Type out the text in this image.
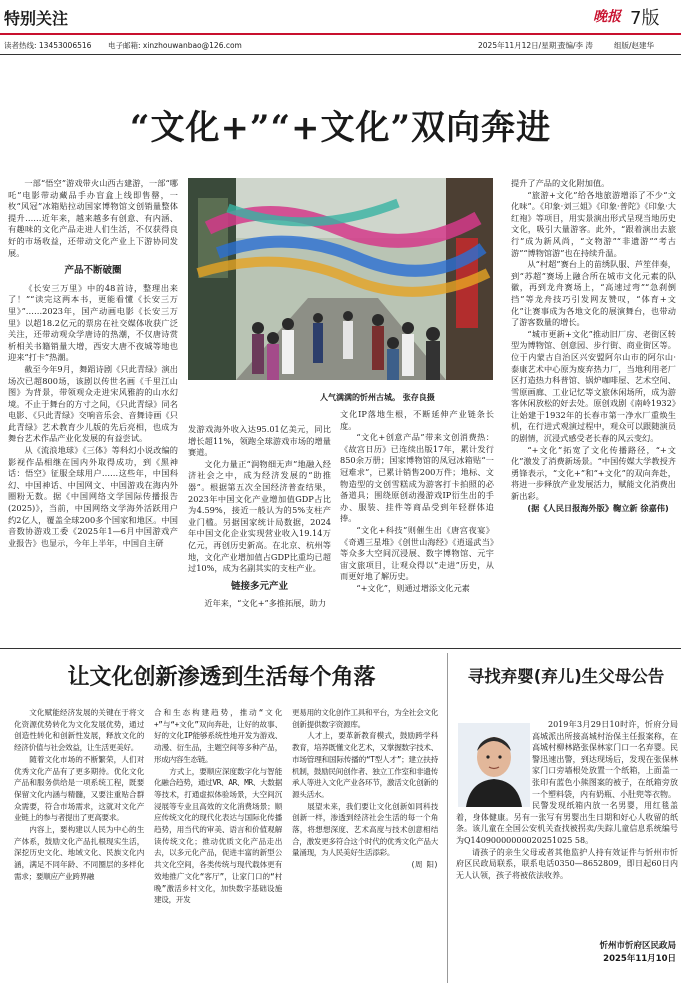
特别关注	晚报 7版
读者热线: 13453006516 电子邮箱: xinzhouwanbao@126.com	2025年11月12日/星期三
责编/李 涛	组版/赵建华
“文化+”“+文化”双向奔进

一部“悟空”游戏带火山西古建游，一部“哪吒”电影带动藏品手办盲盒上线即售罄，一枚“风冠”冰箱贴拉动国家博物馆文创销量整体提升……近年来，越来越多有创意、有内涵、有趣味的文化产品走进人们生活，不仅获得良好的市场收益，还带动文化产业上下游协同发展。

产品不断破圈

《长安三万里》中的48首诗，整理出来了！”“读完这两本书，更能看懂《长安三万里》”……2023年，国产动画电影《长安三万里》以超18.2亿元的票房在社交媒体收获广泛关注，还带动观众学唐诗的热潮，不仅唐诗赏析相关书籍销量大增，西安大唐不夜城等地也迎来“打卡”热潮。

截至今年9月，舞蹈诗剧《只此青绿》演出场次已超800场，该剧以传世名画《千里江山图》为背景，带领观众走进宋风雅韵的山水幻境。不止于舞台的方寸之间，《只此青绿》同名电影、《只此青绿》交响音乐会、音舞诗画《只此青绿》艺术教育少儿版的先后亮相，也成为舞台艺术作品产业化发展的有益尝试。

从《流浪地球》《三体》等科幻小说改编的影视作品相继在国内外取得成功，到《黑神话：悟空》征服全球用户……这些年，中国科幻、中国神话、中国网文、中国游戏在海内外圈粉无数。据《中国网络文学国际传播报告(2025)》，当前，中国网络文学海外活跃用户约2亿人，覆盖全球200多个国家和地区。中国音数协游戏工委《2025年1—6月中国游戏产业报告》也显示，今年上半年，中国自主研

人气满满的忻州古城。 张存良摄

发游戏海外收入达95.01亿美元，同比增长超11%，领跑全球游戏市场的增量赛道。

文化力量正“润物细无声”地融入经济社会之中，成为经济发展的“助推器”。根据第五次全国经济普查结果，2023年中国文化产业增加值GDP占比为4.59%，接近一般认为的5%支柱产业门槛。另据国家统计局数据，2024年中国文化企业实现营业收入19.14万亿元，再创历史新高。在北京、杭州等地，文化产业增加值占GDP比重均已超过10%，成为名副其实的支柱产业。

链接多元产业

近年来，“文化+”多推拓展，助力

文化IP落地生根，不断延伸产业链条长度。

“文化+创意产品”带来文创消费热：《故宫日历》已连续出版17年，累计发行850余万册；国家博物馆的凤冠冰箱贴“一冠难求”，已累计销售200万件；地标、文物造型的文创雪糕成为游客打卡拍照的必备道具；围绕原创动漫游戏IP衍生出的手办、服装、挂件等商品受到年轻群体追捧。

“文化+科技”则催生出《唐宫夜宴》《奇遇三星堆》《创世山海经》《逍遥武当》等众多大空间沉浸展、数字博物馆、元宇宙文旅项目，让观众得以“走进”历史，从而更好地了解历史。

“+文化”，则通过增添文化元素

提升了产品的文化附加值。

“旅游+文化”给各地旅游增添了不少“文化味”。《印象·刘三姐》《印象·普陀》《印象·大红袍》等项目，用实景演出形式呈现当地历史文化，吸引大量游客。此外，“跟着演出去旅行”成为新风尚，“文物游”“非遗游”“考古游”“博物馆游”也在持续升温。

从“村超”赛台上的苗绣队服、芦笙伴奏，到“苏超”赛场上融合所在城市文化元素的队徽，再到龙舟赛场上，“高速过弯”“急刹倒挡”等龙舟技巧引发网友赞叹，“体育+文化”让赛事成为各地文化的展演舞台，也带动了游客数量的增长。

“城市更新+文化”推动旧厂房、老街区转型为博物馆、创意园、步行街、商业街区等。位于内蒙古自治区兴安盟阿尔山市的阿尔山·泰康艺术中心原为废弃热力厂，当地利用老厂区打造热力科普馆、锅炉咖啡屋、艺术空间、雪原画廊、工业记忆等文旅休闲场所，成为游客休闲放松的好去处。原创戏剧《南岭1932》让始建于1932年的长春市第一净水厂重焕生机，在行进式观演过程中，观众可以跟随演员的剧情，沉浸式感受老长春的风云变幻。

“+文化”拓宽了文化传播路径，“+文化”激发了消费新场景。“中国传媒大学教授齐勇锋表示，“文化+”和“+文化”的双向奔赴，将进一步释放产业发展活力，赋能文化消费出新出彩。

(据《人民日报海外版》鞠立新 徐嘉伟)

让文化创新渗透到生活每个角落

文化赋能经济发展的关键在于将文化资源优势转化为文化发展优势，通过创造性转化和创新性发展，释放文化的经济价值与社会效益，让生活更美好。

随着文化市场的不断繁荣，人们对优秀文化产品有了更多期待。优化文化产品和服务供给是一项系统工程，既要保留文化内涵与精髓，又要注重贴合群众需要，符合市场需求，这就对文化产业链上的参与者提出了更高要求。

内容上，要构建以人民为中心的生产体系，鼓励文化产品扎根现实生活，深挖历史文化、地域文化、民族文化内涵，满足不同年龄、不同圈层的多样化需求；要顺应产业跨界融

合和生态构建趋势，推动“文化+”与“+文化”双向奔赴，让好的故事、好的文化IP能够系统性地开发为游戏、动漫、衍生品，主题空间等多种产品，形成内容生态链。

方式上，要顺应深度数字化与智能化融合趋势，通过VR、AR、MR、大数据等技术，打通虚拟体验场景，大空间沉浸展等专业且高效的文化消费场景；顺应传统文化的现代化表达与国际化传播趋势，用当代的审美、语言和价值观解读传统文化；推动优质文化产品走出去，以多元化产品，促进丰富的新型公共文化空间，各类传统与现代载体更有效地推广文化“客厅”，让家门口的“村晚”激活乡村文化，加快数字基础设施建设，开发

更易用的文化创作工具和平台，为全社会文化创新提供数字资源库。

人才上，要革新教育模式，鼓励跨学科教育，培养既懂文化艺术，又掌握数字技术、市场管理和国际传播的“T型人才”；建立扶持机制，鼓励民间创作者、独立工作室和非遗传承人等进入文化产业各环节，激活文化创新的源头活水。

展望未来，我们要让文化创新如同科技创新一样，渗透到经济社会生活的每一个角落，将想想深度、艺术高度与技术创意相结合，激发更多符合这个时代的优秀文化产品大量涌现，为人民美好生活添彩。

(周 阳)

寻找弃婴(弃儿)生父母公告

2019年3月29日10时许，忻府分局高城派出所接高城村治保主任报案称，在高城村柳林路张保林家门口一名弃婴。民警迅速出警，到达现场后，发现在张保林家门口旁墙根处放置一个纸箱，上面盖一张印有蓝色小熊图案的被子，在纸箱旁放一个塑料袋，内有奶瓶、小肚兜等衣物。

民警发现纸箱内放一名男婴，用红毯盖着，身体健康。另有一张写有男婴出生日期和好心人收留的纸条。该儿童在全国公安机关查找被拐卖/失踪儿童信息系统编号为Q14090000000020251025 58。

请孩子的亲生父母或者其他监护人持有效证件与忻州市忻府区民政局联系，联系电话0350—8652809，即日起60日内无人认领，孩子将被依法收养。

忻州市忻府区民政局
2025年11月10日
